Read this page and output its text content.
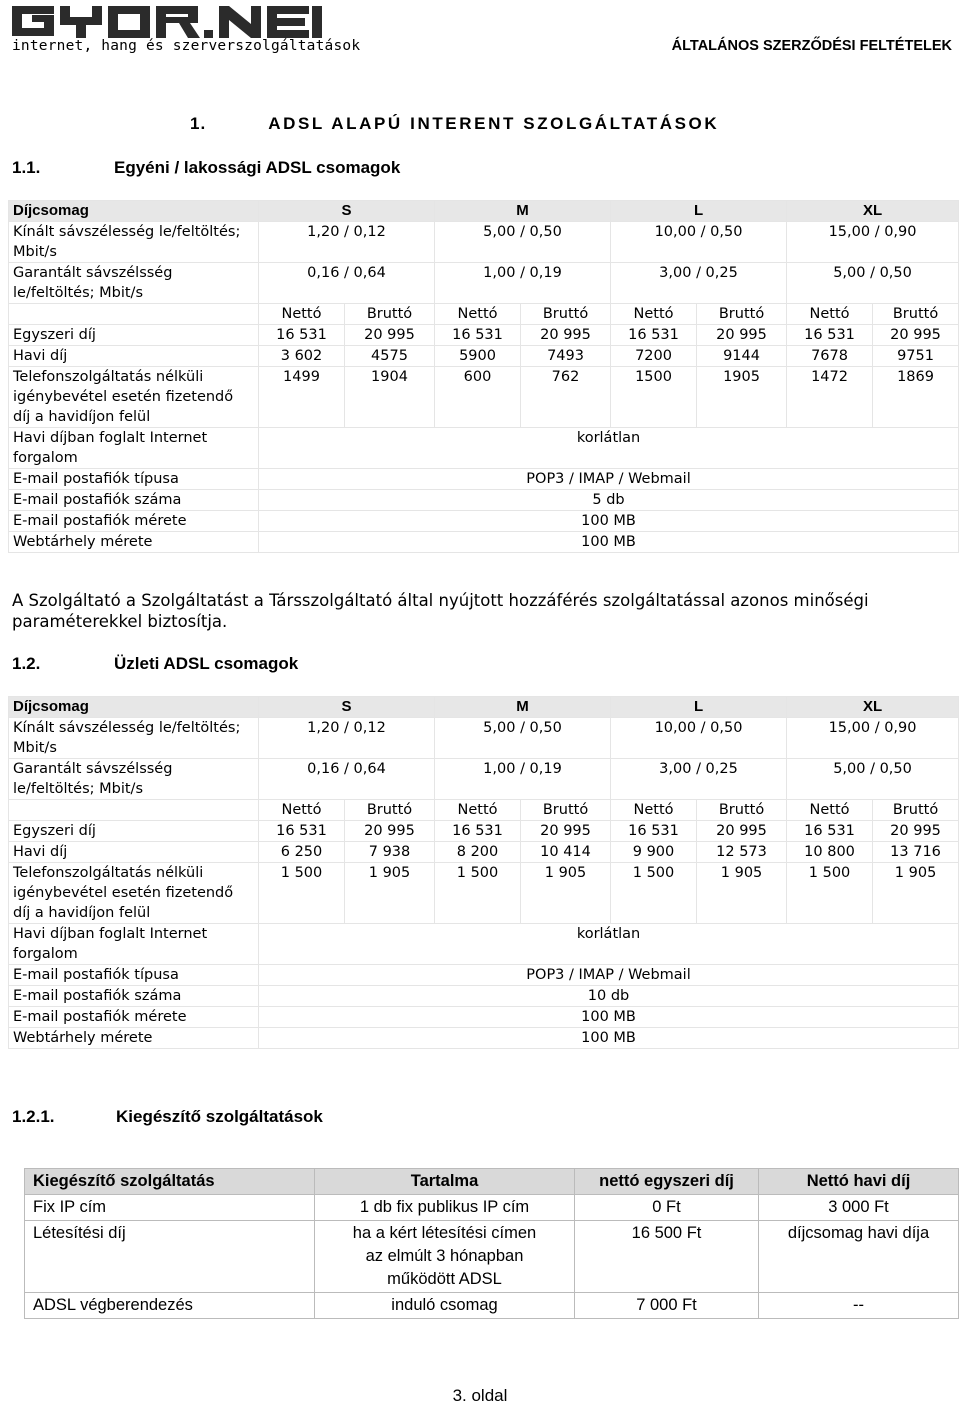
internet, hang és szerverszolgáltatások	ÁLTALÁNOS SZERZŐDÉSI FELTÉTELEK
1.	ADSL ALAPÚ INTERENT SZOLGÁLTATÁSOK
1.1.	Egyéni / lakossági ADSL csomagok
Díjcsomag	S		M		L		XL	
Kínált sávszélesség le/feltöltés; Mbit/s	1,20 / 0,12		5,00 / 0,50		10,00 / 0,50		15,00 / 0,90	
Garantált sávszélsség le/feltöltés; Mbit/s	0,16 / 0,64		1,00 / 0,19		3,00 / 0,25		5,00 / 0,50	
	Nettó	Bruttó	Nettó	Bruttó	Nettó	Bruttó	Nettó	Bruttó
Egyszeri díj	16 531	20 995	16 531	20 995	16 531	20 995	16 531	20 995
Havi díj	3 602	4575	5900	7493	7200	9144	7678	9751
Telefonszolgáltatás nélküli igénybevétel esetén fizetendő díj a havidíjon felül	1499	1904	600	762	1500	1905	1472	1869
Havi díjban foglalt Internet forgalom	korlátlan							
E-mail postafiók típusa	POP3 / IMAP / Webmail							
E-mail postafiók száma	5 db							
E-mail postafiók mérete	100 MB							
Webtárhely mérete	100 MB							
A Szolgáltató a Szolgáltatást a Társszolgáltató által nyújtott hozzáférés szolgáltatással azonos minőségi paraméterekkel biztosítja.
1.2.	Üzleti ADSL csomagok
Díjcsomag	S		M		L		XL	
Kínált sávszélesség le/feltöltés; Mbit/s	1,20 / 0,12		5,00 / 0,50		10,00 / 0,50		15,00 / 0,90	
Garantált sávszélsség le/feltöltés; Mbit/s	0,16 / 0,64		1,00 / 0,19		3,00 / 0,25		5,00 / 0,50	
	Nettó	Bruttó	Nettó	Bruttó	Nettó	Bruttó	Nettó	Bruttó
Egyszeri díj	16 531	20 995	16 531	20 995	16 531	20 995	16 531	20 995
Havi díj	6 250	7 938	8 200	10 414	9 900	12 573	10 800	13 716
Telefonszolgáltatás nélküli igénybevétel esetén fizetendő díj a havidíjon felül	1 500	1 905	1 500	1 905	1 500	1 905	1 500	1 905
Havi díjban foglalt Internet forgalom	korlátlan							
E-mail postafiók típusa	POP3 / IMAP / Webmail							
E-mail postafiók száma	10 db							
E-mail postafiók mérete	100 MB							
Webtárhely mérete	100 MB							
1.2.1.	Kiegészítő szolgáltatások
Kiegészítő szolgáltatás	Tartalma	nettó egyszeri díj	Nettó havi díj
Fix IP cím	1 db fix publikus IP cím	0 Ft	3 000 Ft
Létesítési díj	ha a kért létesítési címen az elmúlt 3 hónapban működött ADSL	16 500 Ft	díjcsomag havi díja
ADSL végberendezés	induló csomag	7 000 Ft	--
3. oldal
